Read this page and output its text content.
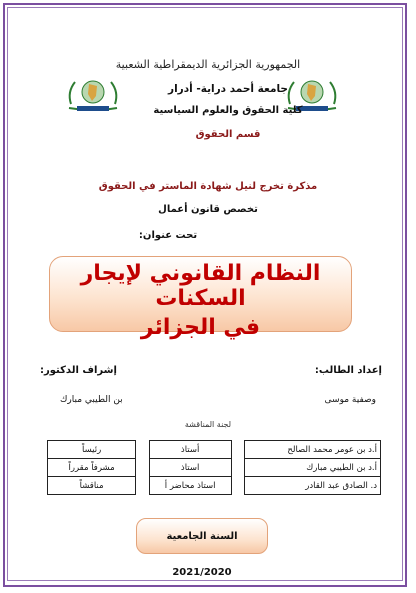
الجمهورية الجزائرية الديمقراطية الشعبية
جامعة أحمد دراية- أدرار
كلية الحقوق والعلوم السياسية
قسم الحقوق
مذكرة تخرج لنيل شهادة الماستر في الحقوق
تخصص قانون أعمال
تحت عنوان:
النظام القانوني لإيجار السكنات
في الجزائر
إعداد الطالب:
إشراف الدكتور:
وصفية موسى
بن الطيبي مبارك
لجنة المناقشة
أ.د بن عومر محمد الصالح		أستاذ		رئيساً
أ.د بن الطيبي مبارك		استاذ		مشرفاً مقرراً
د. الصادق عبد القادر		استاذ محاضر أ		مناقشاً
السنة الجامعية 2021/2020
